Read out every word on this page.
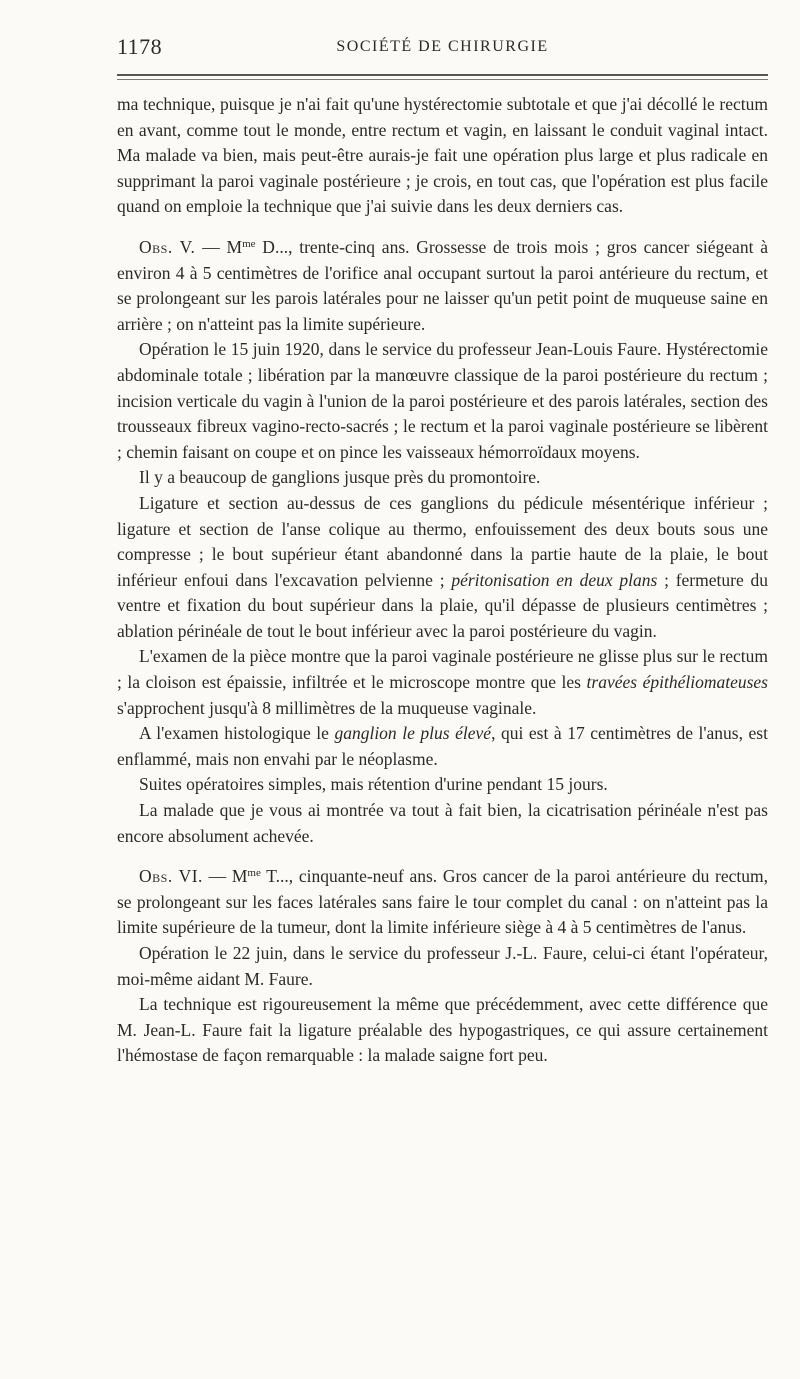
1178	SOCIÉTÉ DE CHIRURGIE

ma technique, puisque je n'ai fait qu'une hystérectomie subtotale et que j'ai décollé le rectum en avant, comme tout le monde, entre rectum et vagin, en laissant le conduit vaginal intact. Ma malade va bien, mais peut-être aurais-je fait une opération plus large et plus radicale en supprimant la paroi vaginale postérieure ; je crois, en tout cas, que l'opération est plus facile quand on emploie la technique que j'ai suivie dans les deux derniers cas.

Obs. V. — $M^{me}$ D..., trente-cinq ans. Grossesse de trois mois ; gros cancer siégeant à environ 4 à 5 centimètres de l'orifice anal occupant surtout la paroi antérieure du rectum, et se prolongeant sur les parois latérales pour ne laisser qu'un petit point de muqueuse saine en arrière ; on n'atteint pas la limite supérieure.

Opération le 15 juin 1920, dans le service du professeur Jean-Louis Faure. Hystérectomie abdominale totale ; libération par la manœuvre classique de la paroi postérieure du rectum ; incision verticale du vagin à l'union de la paroi postérieure et des parois latérales, section des trousseaux fibreux vagino-recto-sacrés ; le rectum et la paroi vaginale postérieure se libèrent ; chemin faisant on coupe et on pince les vaisseaux hémorroïdaux moyens.

Il y a beaucoup de ganglions jusque près du promontoire.

Ligature et section au-dessus de ces ganglions du pédicule mésentérique inférieur ; ligature et section de l'anse colique au thermo, enfouissement des deux bouts sous une compresse ; le bout supérieur étant abandonné dans la partie haute de la plaie, le bout inférieur enfoui dans l'excavation pelvienne ; péritonisation en deux plans ; fermeture du ventre et fixation du bout supérieur dans la plaie, qu'il dépasse de plusieurs centimètres ; ablation périnéale de tout le bout inférieur avec la paroi postérieure du vagin.

L'examen de la pièce montre que la paroi vaginale postérieure ne glisse plus sur le rectum ; la cloison est épaissie, infiltrée et le microscope montre que les travées épithéliomateuses s'approchent jusqu'à 8 millimètres de la muqueuse vaginale.

A l'examen histologique le ganglion le plus élevé, qui est à 17 centimètres de l'anus, est enflammé, mais non envahi par le néoplasme.

Suites opératoires simples, mais rétention d'urine pendant 15 jours.

La malade que je vous ai montrée va tout à fait bien, la cicatrisation périnéale n'est pas encore absolument achevée.

Obs. VI. — $M^{me}$ T..., cinquante-neuf ans. Gros cancer de la paroi antérieure du rectum, se prolongeant sur les faces latérales sans faire le tour complet du canal : on n'atteint pas la limite supérieure de la tumeur, dont la limite inférieure siège à 4 à 5 centimètres de l'anus.

Opération le 22 juin, dans le service du professeur J.-L. Faure, celui-ci étant l'opérateur, moi-même aidant M. Faure.

La technique est rigoureusement la même que précédemment, avec cette différence que M. Jean-L. Faure fait la ligature préalable des hypogastriques, ce qui assure certainement l'hémostase de façon remarquable : la malade saigne fort peu.
